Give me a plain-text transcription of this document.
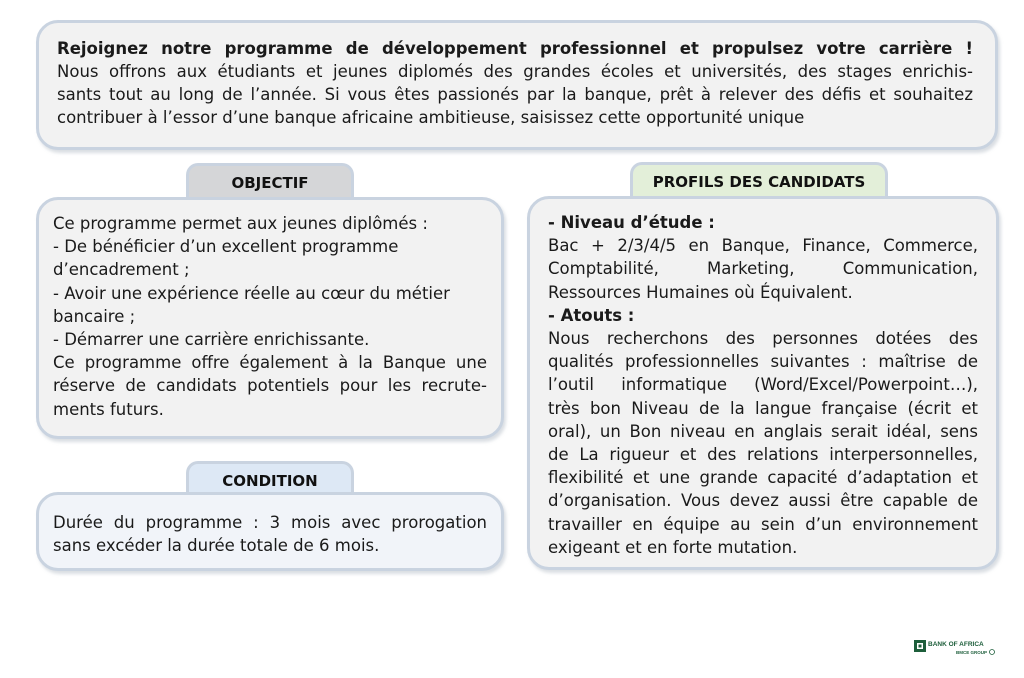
Rejoignez notre programme de développement professionnel et propulsez votre carrière !
Nous offrons aux étudiants et jeunes diplomés des grandes écoles et universités, des stages enrichis-
sants tout au long de l’année. Si vous êtes passionés par la banque, prêt à relever des défis et souhaitez
contribuer à l’essor d’une banque africaine ambitieuse, saisissez cette opportunité unique
OBJECTIF
Ce programme permet aux jeunes diplômés :
- De bénéficier d’un excellent programme
d’encadrement ;
- Avoir une expérience réelle au cœur du métier
bancaire ;
- Démarrer une carrière enrichissante.
Ce programme offre également à la Banque une
réserve de candidats potentiels pour les recrute-
ments futurs.
CONDITION
Durée du programme : 3 mois avec prorogation
sans excéder la durée totale de 6 mois.
PROFILS DES CANDIDATS
- Niveau d’étude :
Bac + 2/3/4/5 en Banque, Finance, Commerce,
Comptabilité, Marketing, Communication,
Ressources Humaines où Équivalent.
- Atouts :
Nous recherchons des personnes dotées des
qualités professionnelles suivantes : maîtrise de
l’outil informatique (Word/Excel/Powerpoint…),
très bon Niveau de la langue française (écrit et
oral), un Bon niveau en anglais serait idéal, sens
de La rigueur et des relations interpersonnelles,
flexibilité et une grande capacité d’adaptation et
d’organisation. Vous devez aussi être capable de
travailler en équipe au sein d’un environnement
exigeant et en forte mutation.
BANK OF AFRICA
BMCE GROUP
